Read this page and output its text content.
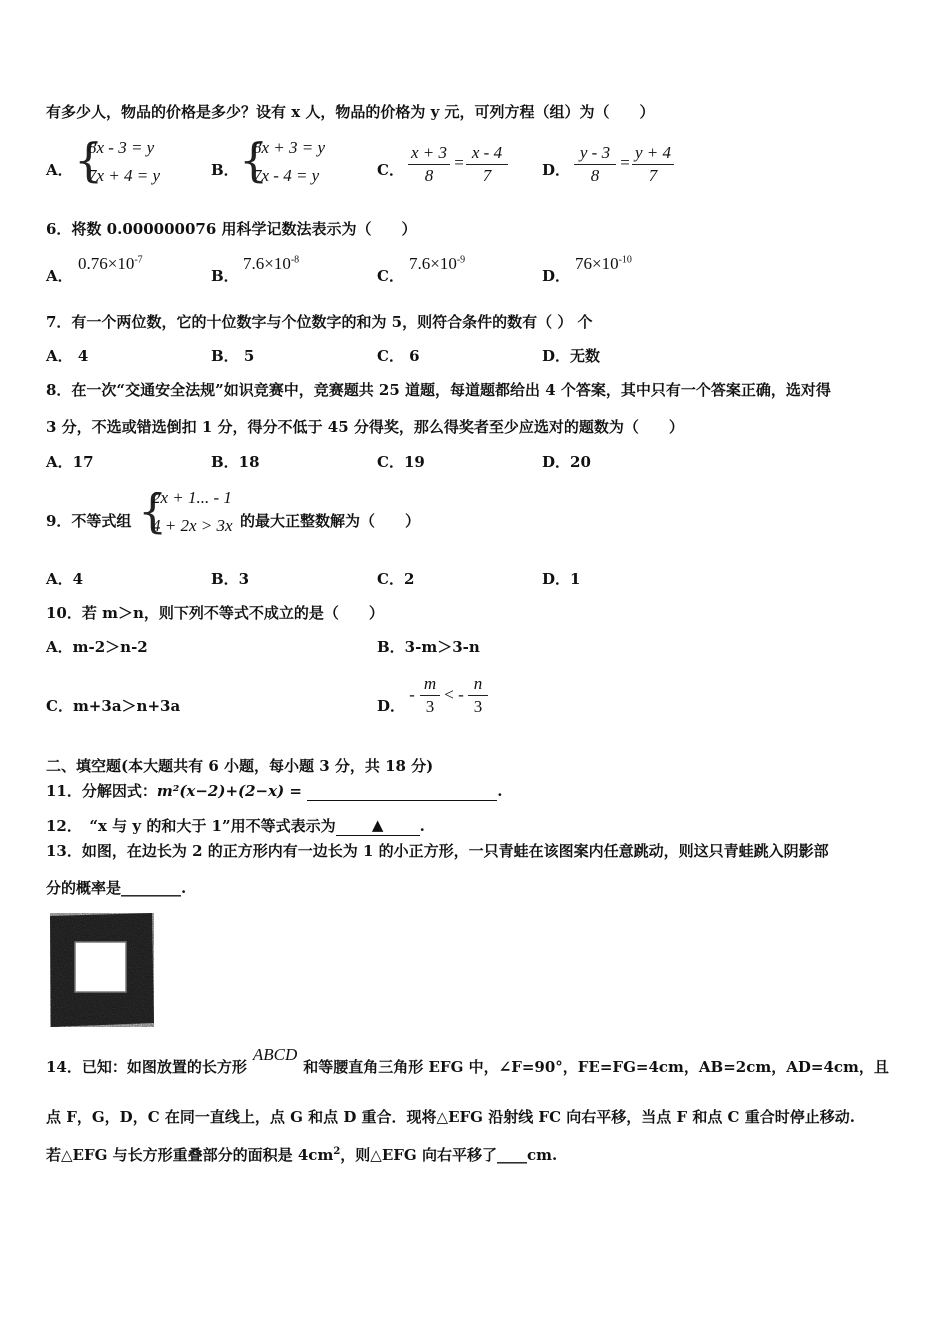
有多少人，物品的价格是多少？设有 x 人，物品的价格为 y 元，可列方程（组）为（　　）
A． {
8x - 3 = y
7x + 4 = y	B． {
8x + 3 = y
7x - 4 = y	C． $\frac{x + 3}{8} = \frac{x - 4}{7}$ D． $\frac{y - 3}{8} = \frac{y + 4}{7}$
6．将数 0.000000076 用科学记数法表示为（　　）
A．
$0.76\times 10^{-7}$
B．
$7.6\times 10^{-8}$
C．
$7.6\times 10^{-9}$
D．
$76\times 10^{-10}$
7．有一个两位数，它的十位数字与个位数字的和为 5，则符合条件的数有（ ） 个
A． 4	B． 5	C． 6	D．无数
8．在一次“交通安全法规”如识竞赛中，竞赛题共 25 道题，每道题都给出 4 个答案，其中只有一个答案正确，选对得
3 分，不选或错选倒扣 1 分，得分不低于 45 分得奖，那么得奖者至少应选对的题数为（　　）
A．17	B．18	C．19	D．20
9．不等式组 {
2x + 1... - 1
4 + 2x > 3x 的最大正整数解为（　　）
A．4	B．3	C．2	D．1
10．若 m＞n，则下列不等式不成立的是（　　）
A．m-2＞n-2	B．3-m＞3-n
C．m+3a＞n+3a	D．
- $\frac{m}{3}$ < - $\frac{n}{3}$
二、填空题(本大题共有 6 小题，每小题 3 分，共 18 分)
11．分解因式：m²(x−2)+(2−x) =	.
12．　“x 与 y 的和大于 1”用不等式表示为 ▲ .
13．如图，在边长为 2 的正方形内有一边长为 1 的小正方形，一只青蛙在该图案内任意跳动，则这只青蛙跳入阴影部
分的概率是________.
14．已知：如图放置的长方形ABCD和等腰直角三角形 EFG 中，∠F=90°，FE=FG=4cm，AB=2cm，AD=4cm，且
点 F，G，D，C 在同一直线上，点 G 和点 D 重合．现将△EFG 沿射线 FC 向右平移，当点 F 和点 C 重合时停止移动.
若△EFG 与长方形重叠部分的面积是 $4cm^2$，则△EFG 向右平移了____cm.
